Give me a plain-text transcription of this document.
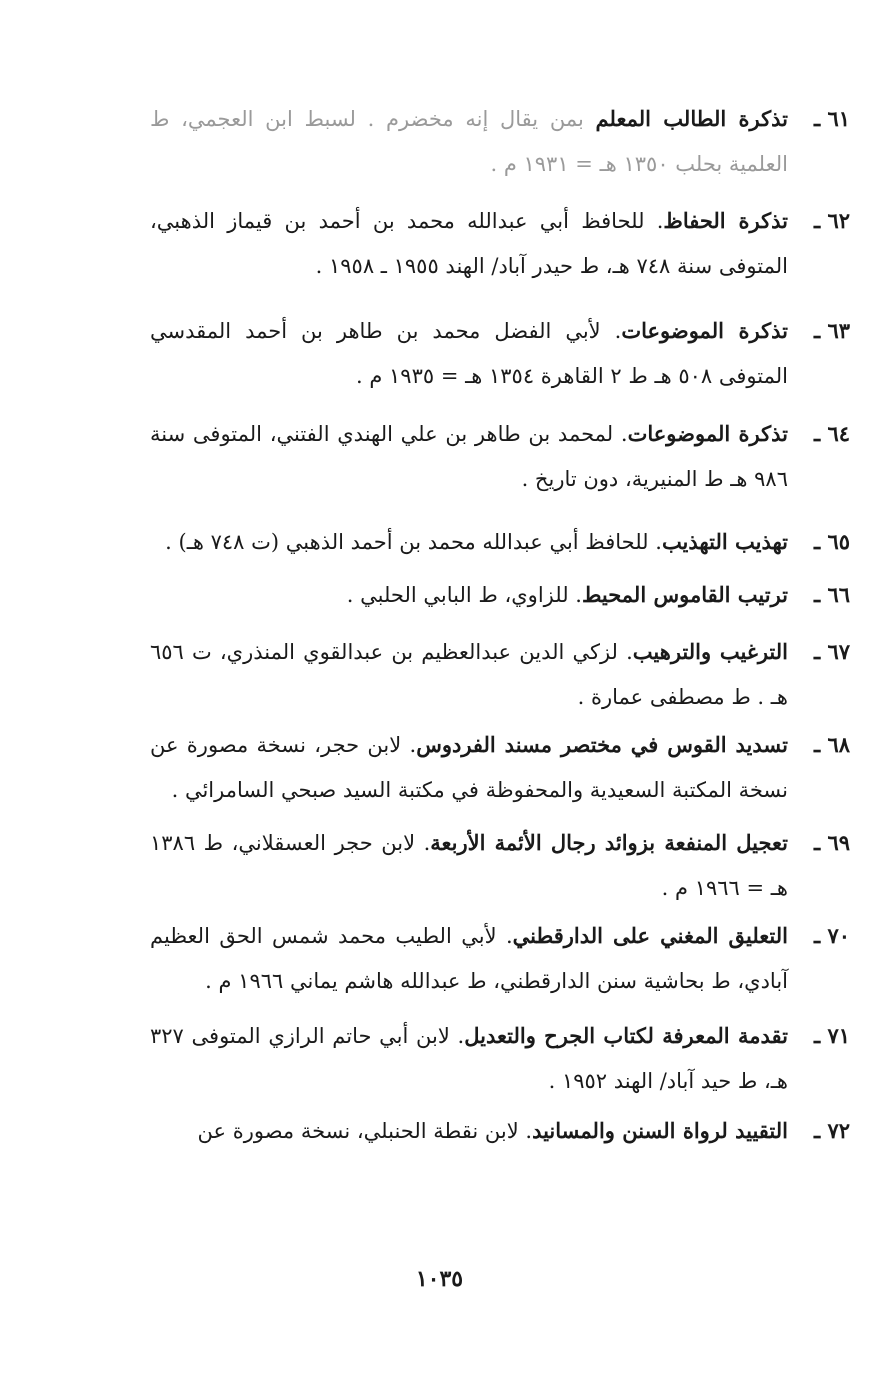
٦١ ـ
تذكرة الطالب المعلم بمن يقال إنه مخضرم . لسبط ابن العجمي، ط العلمية بحلب ١٣٥٠ هـ = ١٩٣١ م .
٦٢ ـ
تذكرة الحفاظ. للحافظ أبي عبدالله محمد بن أحمد بن قيماز الذهبي، المتوفى سنة ٧٤٨ هـ، ط حيدر آباد/ الهند ١٩٥٥ ـ ١٩٥٨ .
٦٣ ـ
تذكرة الموضوعات. لأبي الفضل محمد بن طاهر بن أحمد المقدسي المتوفى ٥٠٨ هـ ط ٢ القاهرة ١٣٥٤ هـ = ١٩٣٥ م .
٦٤ ـ
تذكرة الموضوعات. لمحمد بن طاهر بن علي الهندي الفتني، المتوفى سنة ٩٨٦ هـ ط المنيرية، دون تاريخ .
٦٥ ـ
تهذيب التهذيب. للحافظ أبي عبدالله محمد بن أحمد الذهبي (ت ٧٤٨ هـ) .
٦٦ ـ
ترتيب القاموس المحيط. للزاوي، ط البابي الحلبي .
٦٧ ـ
الترغيب والترهيب. لزكي الدين عبدالعظيم بن عبدالقوي المنذري، ت ٦٥٦ هـ . ط مصطفى عمارة .
٦٨ ـ
تسديد القوس في مختصر مسند الفردوس. لابن حجر، نسخة مصورة عن نسخة المكتبة السعيدية والمحفوظة في مكتبة السيد صبحي السامرائي .
٦٩ ـ
تعجيل المنفعة بزوائد رجال الأئمة الأربعة. لابن حجر العسقلاني، ط ١٣٨٦ هـ = ١٩٦٦ م .
٧٠ ـ
التعليق المغني على الدارقطني. لأبي الطيب محمد شمس الحق العظيم آبادي، ط بحاشية سنن الدارقطني، ط عبدالله هاشم يماني ١٩٦٦ م .
٧١ ـ
تقدمة المعرفة لكتاب الجرح والتعديل. لابن أبي حاتم الرازي المتوفى ٣٢٧ هـ، ط حيد آباد/ الهند ١٩٥٢ .
٧٢ ـ
التقييد لرواة السنن والمسانيد. لابن نقطة الحنبلي، نسخة مصورة عن
١٠٣٥
